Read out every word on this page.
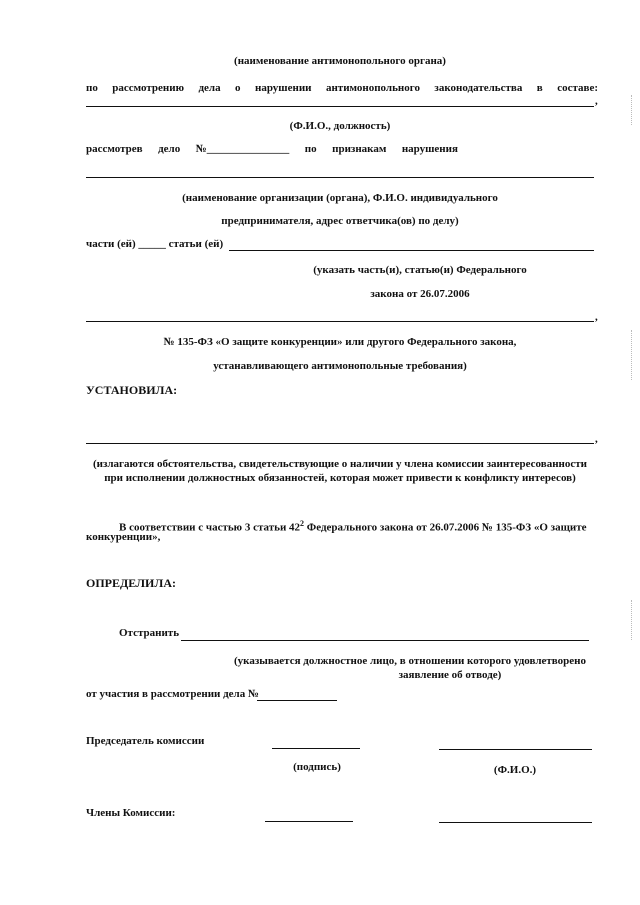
(наименование антимонопольного органа)
по рассмотрению дела о нарушении антимонопольного законодательства в составе:
,
(Ф.И.О., должность)
рассмотрев дело №_______________ по признакам нарушения
(наименование организации (органа), Ф.И.О. индивидуального
предпринимателя, адрес ответчика(ов) по делу)
части (ей) _____ статьи (ей)
(указать часть(и), статью(и) Федерального
закона от 26.07.2006
,
№ 135-ФЗ «О защите конкуренции» или другого Федерального закона,
устанавливающего антимонопольные требования)
УСТАНОВИЛА:
,
(излагаются обстоятельства, свидетельствующие о наличии у члена комиссии заинтересованности
при исполнении должностных обязанностей, которая может привести к конфликту интересов)
В соответствии с частью 3 статьи $42^2$ Федерального закона от 26.07.2006 № 135-ФЗ «О защите
конкуренции»,
ОПРЕДЕЛИЛА:
Отстранить
(указывается должностное лицо, в отношении которого удовлетворено
заявление об отводе)
от участия в рассмотрении дела №
Председатель комиссии
(подпись)	(Ф.И.О.)
Члены Комиссии:
